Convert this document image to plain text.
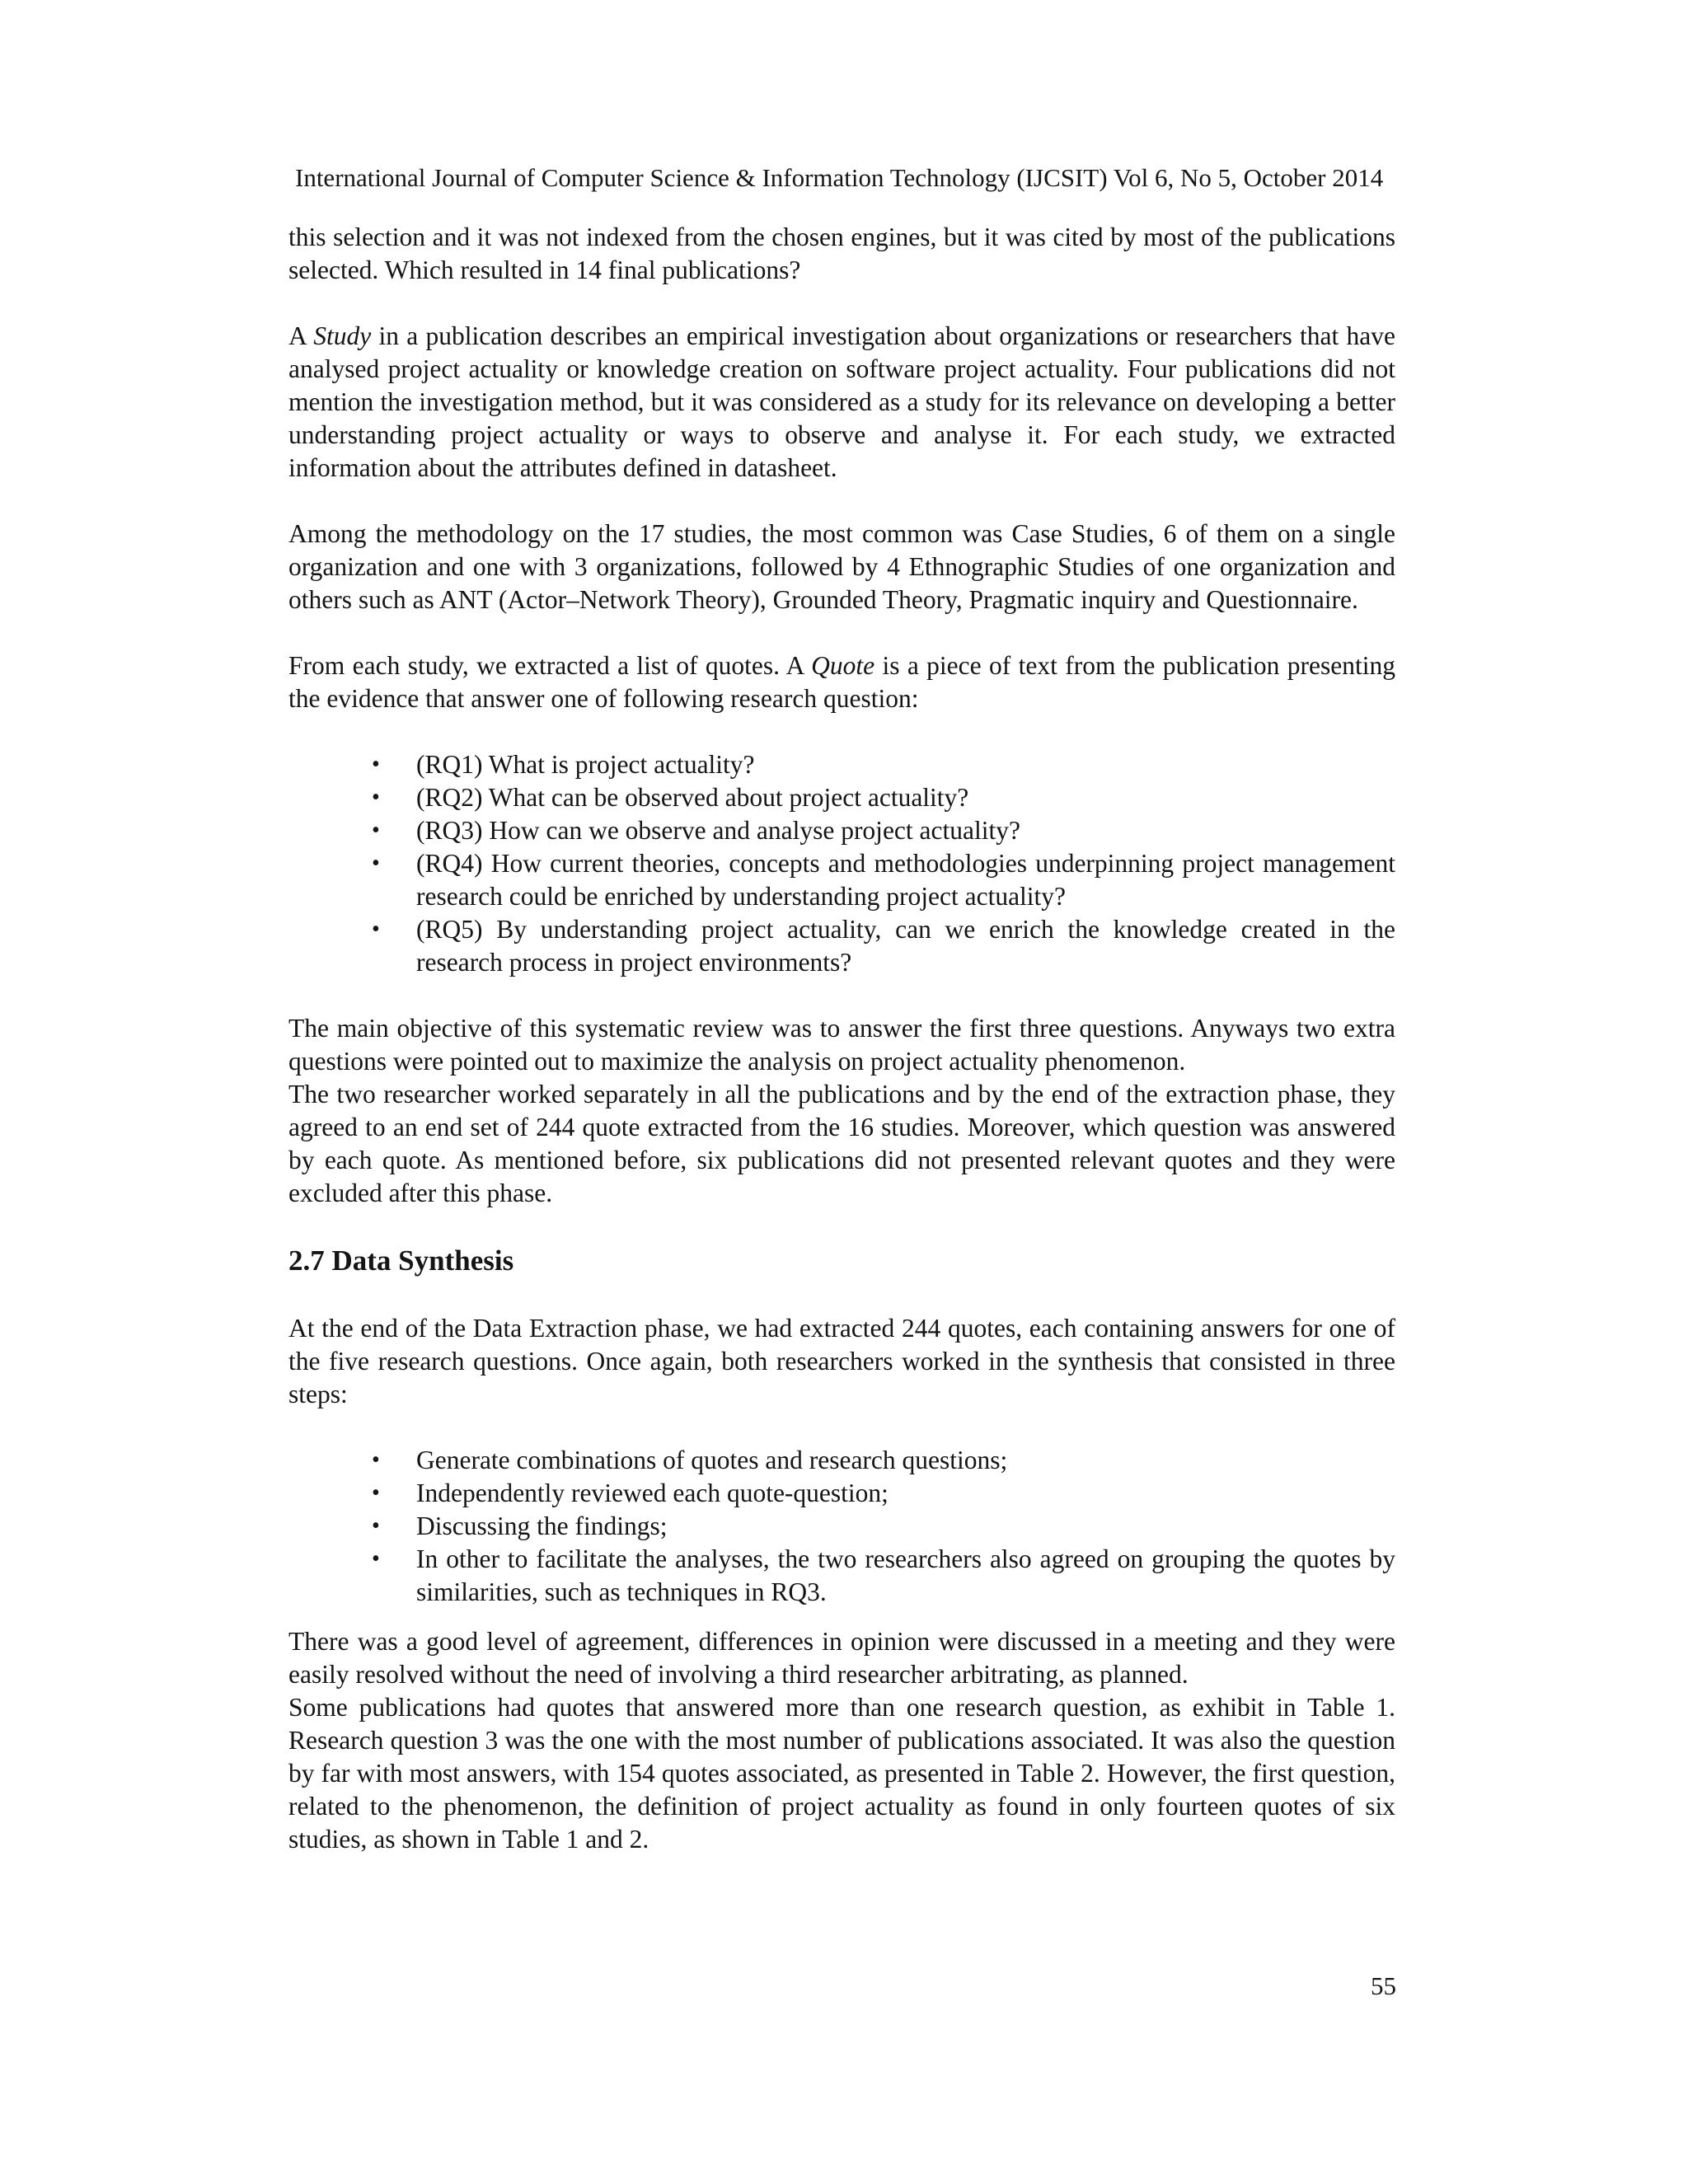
International Journal of Computer Science & Information Technology (IJCSIT) Vol 6, No 5, October 2014

this selection and it was not indexed from the chosen engines, but it was cited by most of the publications selected. Which resulted in 14 final publications?

A Study in a publication describes an empirical investigation about organizations or researchers that have analysed project actuality or knowledge creation on software project actuality. Four publications did not mention the investigation method, but it was considered as a study for its relevance on developing a better understanding project actuality or ways to observe and analyse it. For each study, we extracted information about the attributes defined in datasheet.

Among the methodology on the 17 studies, the most common was Case Studies, 6 of them on a single organization and one with 3 organizations, followed by 4 Ethnographic Studies of one organization and others such as ANT (Actor–Network Theory), Grounded Theory, Pragmatic inquiry and Questionnaire.

From each study, we extracted a list of quotes. A Quote is a piece of text from the publication presenting the evidence that answer one of following research question:

• (RQ1) What is project actuality?
• (RQ2) What can be observed about project actuality?
• (RQ3) How can we observe and analyse project actuality?
• (RQ4) How current theories, concepts and methodologies underpinning project management research could be enriched by understanding project actuality?
• (RQ5) By understanding project actuality, can we enrich the knowledge created in the research process in project environments?

The main objective of this systematic review was to answer the first three questions. Anyways two extra questions were pointed out to maximize the analysis on project actuality phenomenon.

The two researcher worked separately in all the publications and by the end of the extraction phase, they agreed to an end set of 244 quote extracted from the 16 studies. Moreover, which question was answered by each quote. As mentioned before, six publications did not presented relevant quotes and they were excluded after this phase.

2.7 Data Synthesis

At the end of the Data Extraction phase, we had extracted 244 quotes, each containing answers for one of the five research questions. Once again, both researchers worked in the synthesis that consisted in three steps:

• Generate combinations of quotes and research questions;
• Independently reviewed each quote-question;
• Discussing the findings;
• In other to facilitate the analyses, the two researchers also agreed on grouping the quotes by similarities, such as techniques in RQ3.

There was a good level of agreement, differences in opinion were discussed in a meeting and they were easily resolved without the need of involving a third researcher arbitrating, as planned.

Some publications had quotes that answered more than one research question, as exhibit in Table 1. Research question 3 was the one with the most number of publications associated. It was also the question by far with most answers, with 154 quotes associated, as presented in Table 2. However, the first question, related to the phenomenon, the definition of project actuality as found in only fourteen quotes of six studies, as shown in Table 1 and 2.

55
